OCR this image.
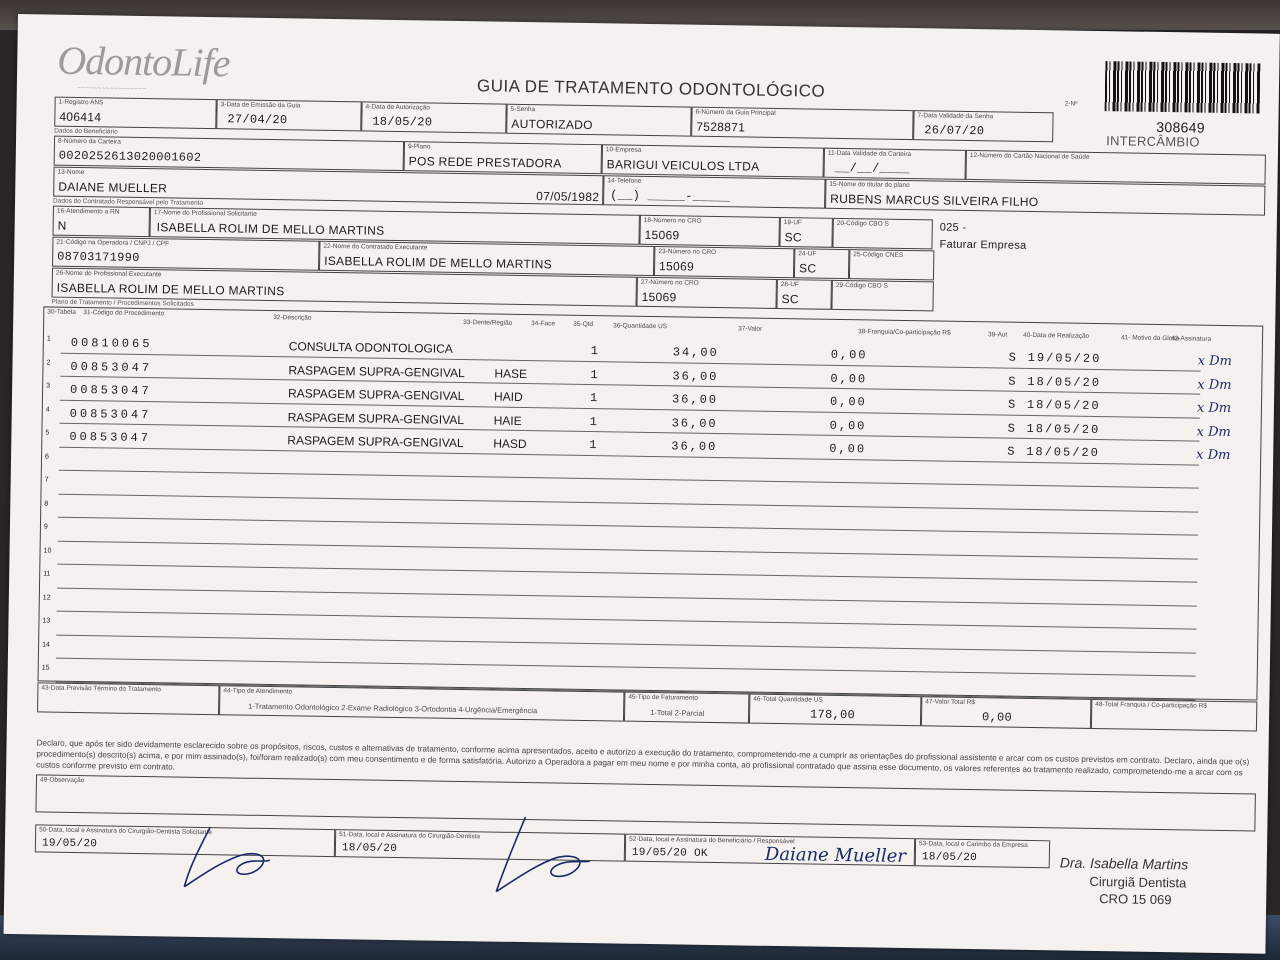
OdontoLife
~~~~~~~~~~~~~~~~~	GUIA DE TRATAMENTO ODONTOLÓGICO
2-Nº
308649
INTERCÂMBIO
1-Registro ANS
406414
3-Data de Emissão da Guia
27/04/20
4-Data de Autorização
18/05/20
5-Senha
AUTORIZADO
6-Número da Guia Principal
7528871
7-Data Validade da Senha
26/07/20
Dados do Beneficiário
8-Número da Carteira
0020252613020001602
9-Plano
POS REDE PRESTADORA
10-Empresa
BARIGUI VEICULOS LTDA
11-Data Validade da Carteira
__/__/____
12-Número do Cartão Nacional de Saúde
13-Nome
DAIANE MUELLER
07/05/1982
14-Telefone
(__) _____-_____
15-Nome do titular do plano
RUBENS MARCUS SILVEIRA FILHO
Dados do Contratado Responsável pelo Tratamento
16-Atendimento a RN
N
17-Nome do Profissional Solicitante
ISABELLA ROLIM DE MELLO MARTINS	18-Número no CRO
15069
19-UF
SC
20-Código CBO S	025 -
Faturar Empresa
21-Código na Operadora / CNPJ / CPF
08703171990
22-Nome do Contratado Executante
ISABELLA ROLIM DE MELLO MARTINS
23-Número no CRO
15069
24-UF
SC
25-Código CNES
26-Nome do Profissional Executante
ISABELLA ROLIM DE MELLO MARTINS	27-Número no CRO
15069
28-UF
SC
29-Código CBO S
Plano de Tratamento / Procedimentos Solicitados
30-Tabela 31-Código do Procedimento
32-Descrição
33-Dente/Região	34-Face	35-Qtd	36-Quantidade US	37-Valor	38-Franquia/Co-participação R$	39-Aut 40-Data de Realização	41- Motivo da Glosa
42-Assinatura
1 00810065	CONSULTA ODONTOLOGICA	1	34,00	0,00	S 19/05/20	x Dm
2 00853047	RASPAGEM SUPRA-GENGIVAL HASE	1	36,00	0,00	S 18/05/20	x Dm
3 00853047	RASPAGEM SUPRA-GENGIVAL HAID	1	36,00	0,00	S 18/05/20	x Dm
4 00853047	RASPAGEM SUPRA-GENGIVAL HAIE	1	36,00	0,00	S 18/05/20	x Dm
5 00853047	RASPAGEM SUPRA-GENGIVAL HASD	1	36,00	0,00	S 18/05/20	x Dm
6
7
8
9
10
11
12
13
14
15
43-Data Previsão Término do Tratamento	44-Tipo de Atendimento
1-Tratamento Odontológico 2-Exame Radiológico 3-Ortodontia 4-Urgência/Emergência
45-Tipo de Faturamento
1-Total 2-Parcial
46-Total Quantidade US
178,00
47-Valor Total R$
0,00
48-Total Franquia / Co-participação R$
Declaro, que após ter sido devidamente esclarecido sobre os propósitos, riscos, custos e alternativas de tratamento, conforme acima apresentados, aceito e autorizo a execução do tratamento, comprometendo-me a cumprir as orientações do profissional assistente e arcar com os custos previstos em contrato. Declaro, ainda que o(s) procedimento(s) descrito(s) acima, e por mim assinado(s), foi/foram realizado(s) com meu consentimento e de forma satisfatória. Autorizo a Operadora a pagar em meu nome e por minha conta, ao profissional contratado que assina esse documento, os valores referentes ao tratamento realizado, comprometendo-me a arcar com os custos conforme previsto em contrato.
49-Observação
50-Data, local e Assinatura do Cirurgião-Dentista Solicitante
19/05/20
51-Data, local e Assinatura do Cirurgião-Dentista
18/05/20
52-Data, local e Assinatura do Beneficiário / Responsável
19/05/20 OK
53-Data, local e Carimbo da Empresa
18/05/20
Daiane Mueller	Dra. Isabella Martins
Cirurgiã Dentista
CRO 15 069
